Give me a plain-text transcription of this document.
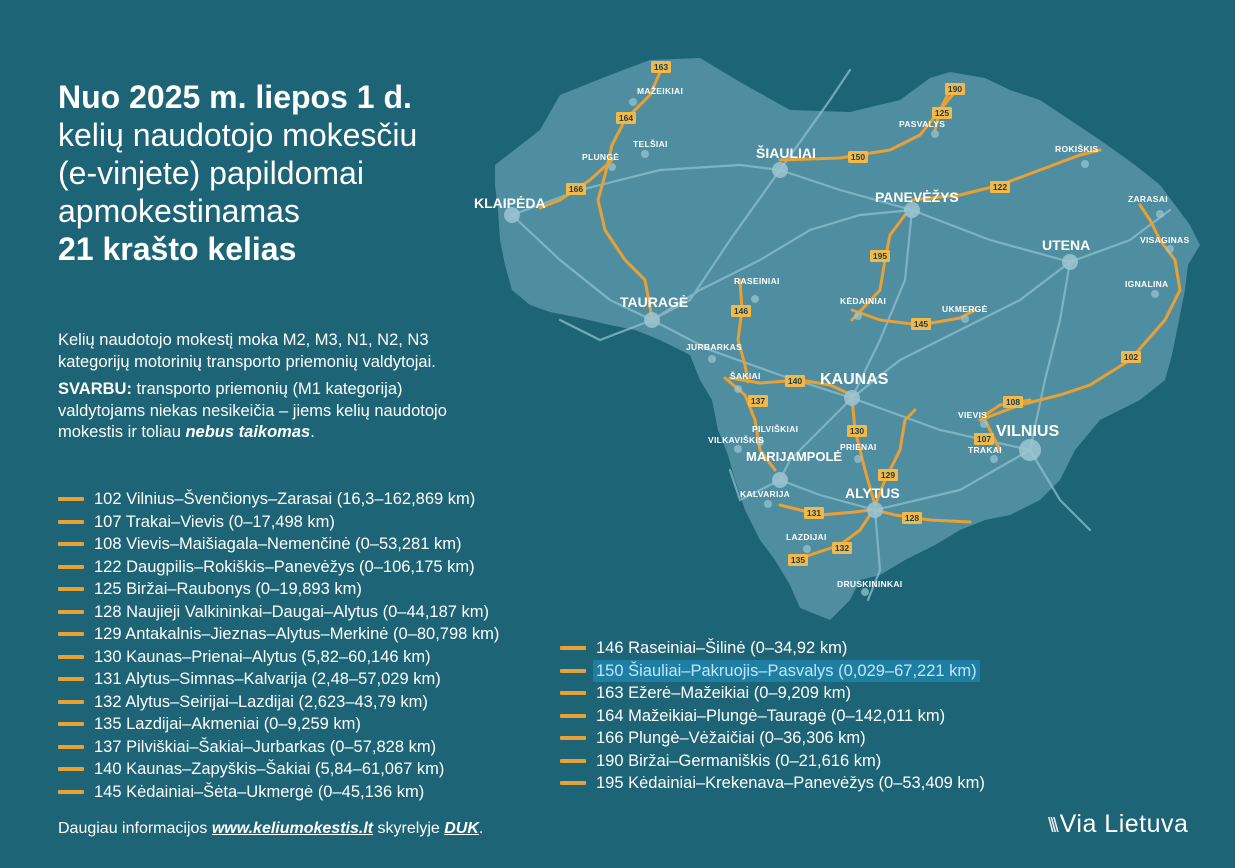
163
164
166
190
125
150
122
195
146
145
140
137
130
108
107
102
129
131	128
132
135
ŠIAULIAI
PANEVĖŽYS
KLAIPĖDA
UTENA
TAURAGĖ
KAUNAS
VILNIUS
MARIJAMPOLĖ
ALYTUS
MAŽEIKIAI
TELŠIAI
PLUNGĖ
PASVALYS
ROKIŠKIS
ZARASAI
VISAGINAS
IGNALINA
RASEINIAI
KĖDAINIAI
UKMERGĖ
JURBARKAS
ŠAKIAI
PILVIŠKIAI
VILKAVIŠKIS
PRIENAI
VIEVIS
TRAKAI
KALVARIJA
LAZDIJAI
DRUSKININKAI
Nuo 2025 m. liepos 1 d.
kelių naudotojo mokesčiu
(e-vinjete) papildomai
apmokestinamas
21 krašto kelias

Kelių naudotojo mokestį moka M2, M3, N1, N2, N3 kategorijų motorinių transporto priemonių valdytojai.

SVARBU: transporto priemonių (M1 kategorija) valdytojams niekas nesikeičia – jiems kelių naudotojo mokestis ir toliau nebus taikomas.

102 Vilnius–Švenčionys–Zarasai (16,3–162,869 km)
107 Trakai–Vievis (0–17,498 km)
108 Vievis–Maišiagala–Nemenčinė (0–53,281 km)
122 Daugpilis–Rokiškis–Panevėžys (0–106,175 km)
125 Biržai–Raubonys (0–19,893 km)
128 Naujieji Valkininkai–Daugai–Alytus (0–44,187 km)
129 Antakalnis–Jieznas–Alytus–Merkinė (0–80,798 km)
130 Kaunas–Prienai–Alytus (5,82–60,146 km)
131 Alytus–Simnas–Kalvarija (2,48–57,029 km)
132 Alytus–Seirijai–Lazdijai (2,623–43,79 km)
135 Lazdijai–Akmeniai (0–9,259 km)
137 Pilviškiai–Šakiai–Jurbarkas (0–57,828 km)
140 Kaunas–Zapyškis–Šakiai (5,84–61,067 km)
145 Kėdainiai–Šėta–Ukmergė (0–45,136 km)
146 Raseiniai–Šilinė (0–34,92 km)
150 Šiauliai–Pakruojis–Pasvalys (0,029–67,221 km)
163 Ežerė–Mažeikiai (0–9,209 km)
164 Mažeikiai–Plungė–Tauragė (0–142,011 km)
166 Plungė–Vėžaičiai (0–36,306 km)
190 Biržai–Germaniškis (0–21,616 km)
195 Kėdainiai–Krekenava–Panevėžys (0–53,409 km)
Daugiau informacijos www.keliumokestis.lt skyrelyje DUK.	\\\ Via Lietuva
